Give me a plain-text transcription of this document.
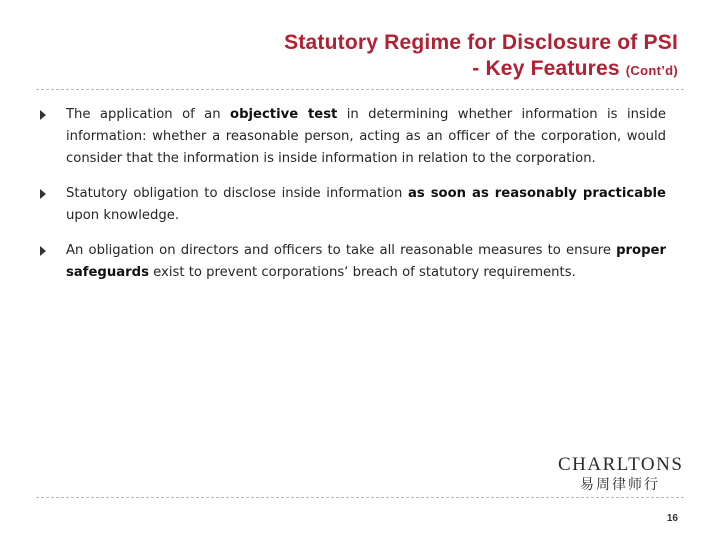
Statutory Regime for Disclosure of PSI
- Key Features (Cont’d)
The application of an objective test in determining whether information is inside information: whether a reasonable person, acting as an officer of the corporation, would consider that the information is inside information in relation to the corporation.
Statutory obligation to disclose inside information as soon as reasonably practicable upon knowledge.
An obligation on directors and officers to take all reasonable measures to ensure proper safeguards exist to prevent corporations‘ breach of statutory requirements.
CHARLTONS
易周律师行
16
